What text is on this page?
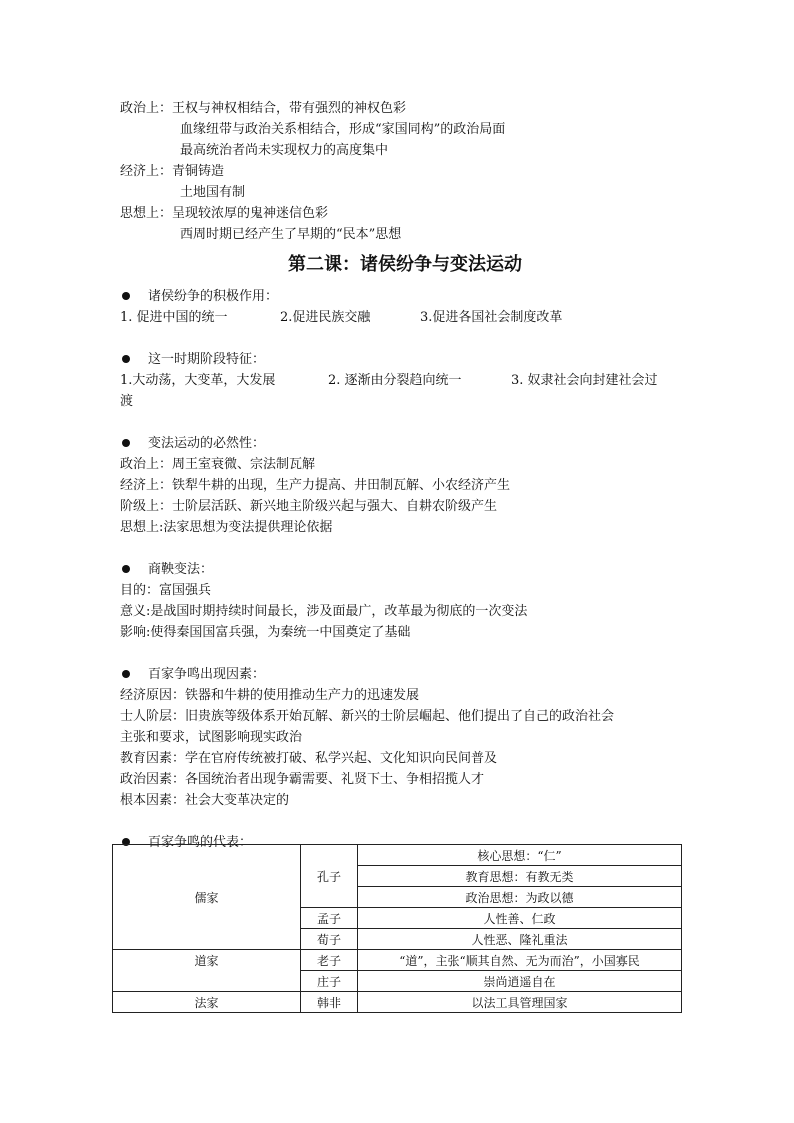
政治上：王权与神权相结合，带有强烈的神权色彩
血缘纽带与政治关系相结合，形成“家国同构”的政治局面
最高统治者尚未实现权力的高度集中
经济上：青铜铸造
土地国有制
思想上：呈现较浓厚的鬼神迷信色彩
西周时期已经产生了早期的“民本”思想
第二课：诸侯纷争与变法运动
诸侯纷争的积极作用：
1. 促进中国的统一	2.促进民族交融	3.促进各国社会制度改革
这一时期阶段特征：
1.大动荡，大变革，大发展	2. 逐渐由分裂趋向统一	3. 奴隶社会向封建社会过
渡
变法运动的必然性：
政治上：周王室衰微、宗法制瓦解
经济上：铁犁牛耕的出现，生产力提高、井田制瓦解、小农经济产生
阶级上：士阶层活跃、新兴地主阶级兴起与强大、自耕农阶级产生
思想上:法家思想为变法提供理论依据
商鞅变法：
目的：富国强兵
意义:是战国时期持续时间最长，涉及面最广，改革最为彻底的一次变法
影响:使得秦国国富兵强，为秦统一中国奠定了基础
百家争鸣出现因素：
经济原因：铁器和牛耕的使用推动生产力的迅速发展
士人阶层：旧贵族等级体系开始瓦解、新兴的士阶层崛起、他们提出了自己的政治社会
主张和要求，试图影响现实政治
教育因素：学在官府传统被打破、私学兴起、文化知识向民间普及
政治因素：各国统治者出现争霸需要、礼贤下士、争相招揽人才
根本因素：社会大变革决定的
百家争鸣的代表：
儒家	孔子	核心思想：“仁”
		教育思想：有教无类
		政治思想：为政以德
	孟子	人性善、仁政
	荀子	人性恶、隆礼重法
道家	老子	“道”，主张“顺其自然、无为而治”，小国寡民
	庄子	崇尚逍遥自在
法家	韩非	以法工具管理国家
